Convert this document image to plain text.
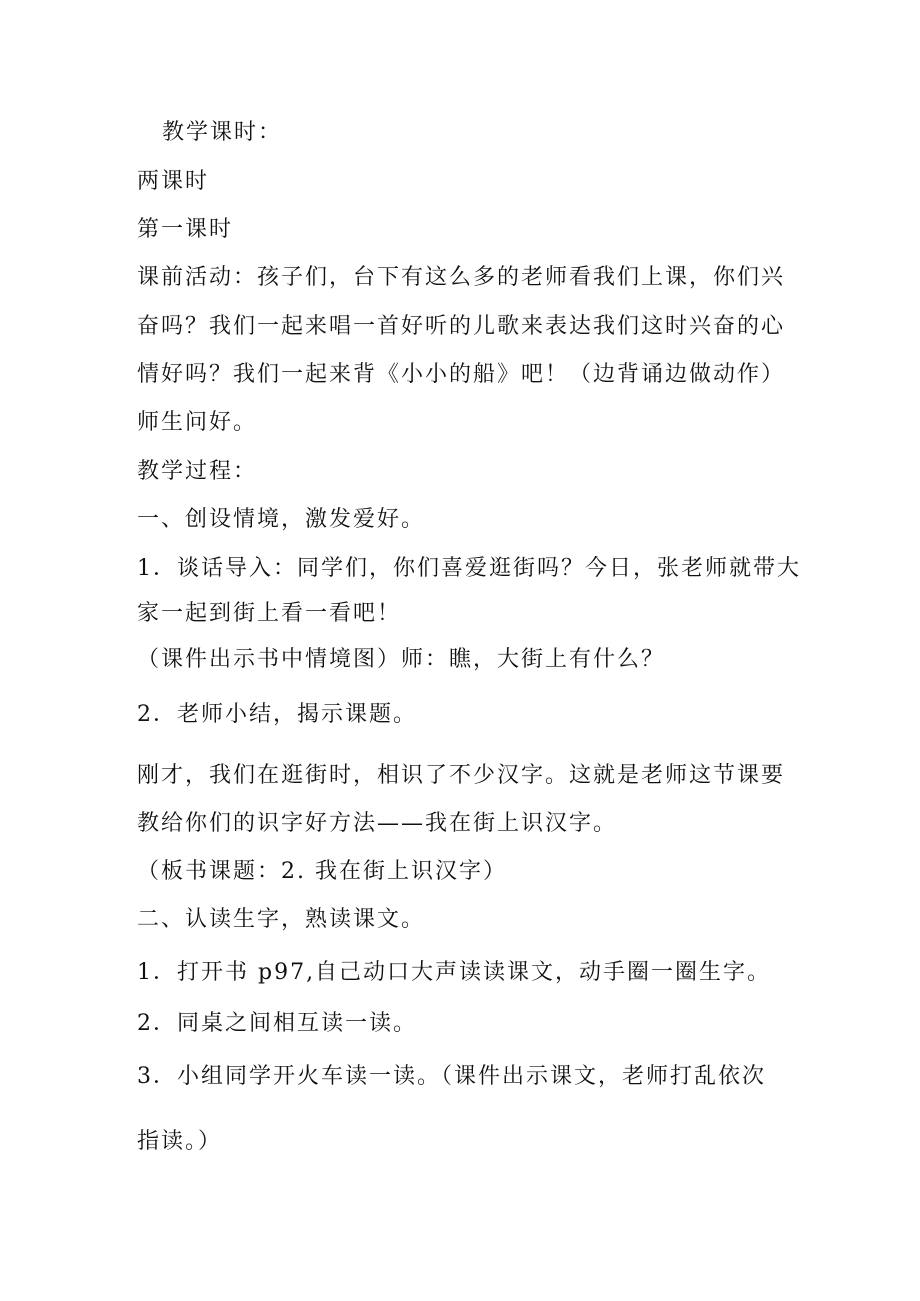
教学课时：

两课时

第一课时

课前活动：孩子们，台下有这么多的老师看我们上课，你们兴

奋吗？我们一起来唱一首好听的儿歌来表达我们这时兴奋的心

情好吗？我们一起来背《小小的船》吧！（边背诵边做动作）

师生问好。

教学过程：

一、创设情境，激发爱好。

1．谈话导入：同学们，你们喜爱逛街吗？今日，张老师就带大

家一起到街上看一看吧！

（课件出示书中情境图）师：瞧，大街上有什么？

2．老师小结，揭示课题。

刚才，我们在逛街时，相识了不少汉字。这就是老师这节课要

教给你们的识字好方法——我在街上识汉字。

（板书课题：2. 我在街上识汉字）

二、认读生字，熟读课文。

1．打开书 p97,自己动口大声读读课文，动手圈一圈生字。

2．同桌之间相互读一读。

3．小组同学开火车读一读。（课件出示课文，老师打乱依次

指读。）
